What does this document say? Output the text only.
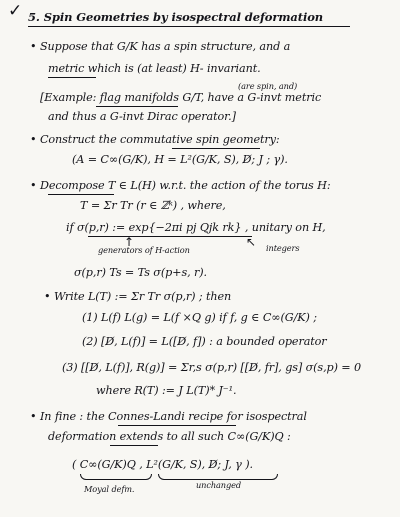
✓ 5. Spin Geometries by isospectral deformation
• Suppose that G/K has a spin structure, and a
metric which is (at least) H- invariant.
(are spin, and)
[Example: flag manifolds G/T, have a G-invt metric
and thus a G-invt Dirac operator.]
• Construct the commutative spin geometry:
(A = C∞(G/K), H = L²(G/K, S), D̸; J ; γ).
• Decompose T ∈ L(H) w.r.t. the action of the torus H:
T = Σr Tr (r ∈ ℤᵏ) , where,
if σ(p,r) := exp{−2πi pj Qjk rk} , unitary on H,
↑	↖
generators of H-action	integers
σ(p,r) Ts = Ts σ(p+s, r).
• Write L(T) := Σr Tr σ(p,r) ; then
(1) L(f) L(g) = L(f ×Q g) if f, g ∈ C∞(G/K) ;
(2) [D̸, L(f)] = L([D̸, f]) : a bounded operator
(3) [[D̸, L(f)], R(g)] = Σr,s σ(p,r) [[D̸, fr], gs] σ(s,p) = 0
where R(T) := J L(T)* J⁻¹.
• In fine : the Connes-Landi recipe for isospectral
deformation extends to all such C∞(G/K)Q :
( C∞(G/K)Q , L²(G/K, S), D̸; J, γ ).
Moyal defm.	unchanged
